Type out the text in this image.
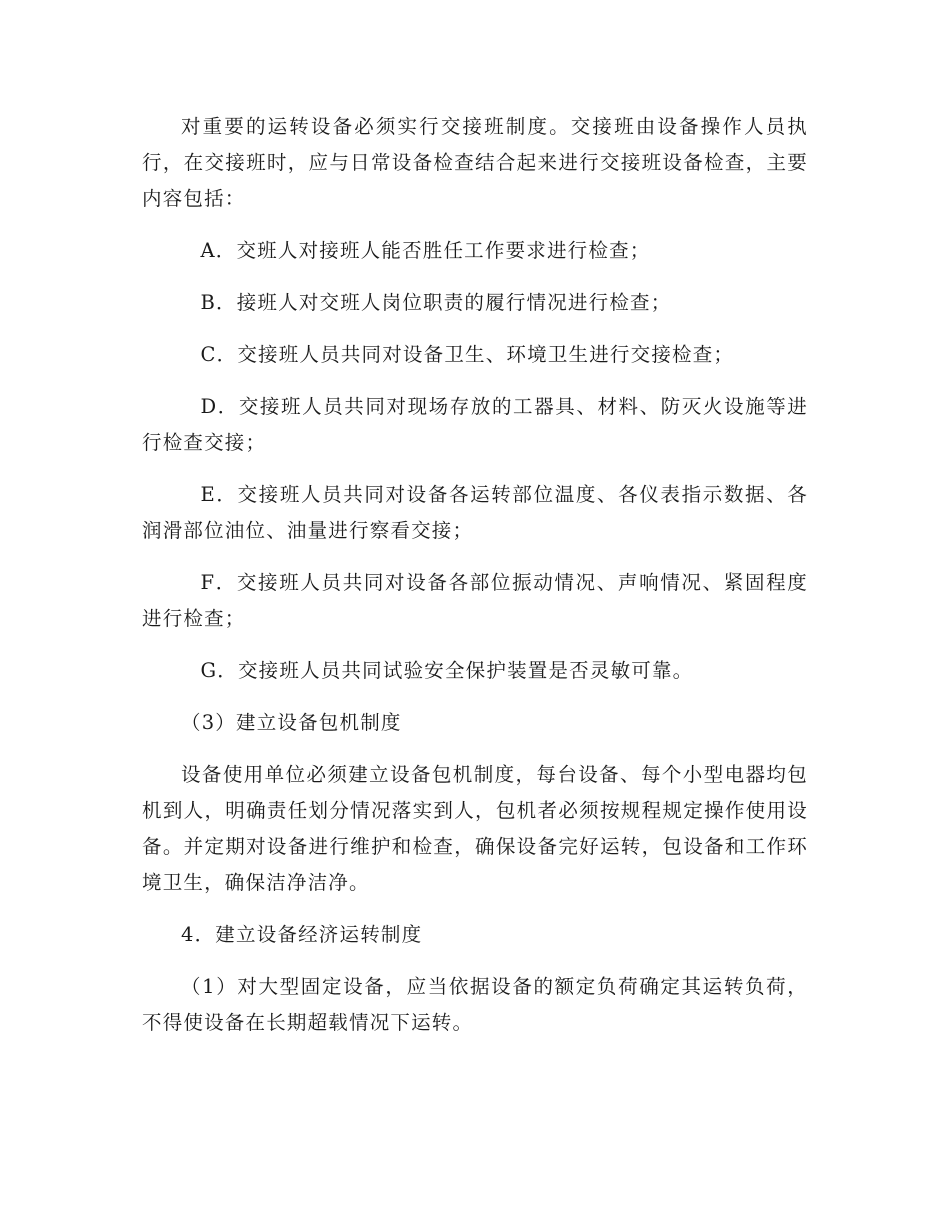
对重要的运转设备必须实行交接班制度。交接班由设备操作人员执行，在交接班时，应与日常设备检查结合起来进行交接班设备检查，主要内容包括：

A．交班人对接班人能否胜任工作要求进行检查；

B．接班人对交班人岗位职责的履行情况进行检查；

C．交接班人员共同对设备卫生、环境卫生进行交接检查；

D．交接班人员共同对现场存放的工器具、材料、防灭火设施等进行检查交接；

E．交接班人员共同对设备各运转部位温度、各仪表指示数据、各润滑部位油位、油量进行察看交接；

F．交接班人员共同对设备各部位振动情况、声响情况、紧固程度进行检查；

G．交接班人员共同试验安全保护装置是否灵敏可靠。

（3）建立设备包机制度

设备使用单位必须建立设备包机制度，每台设备、每个小型电器均包机到人，明确责任划分情况落实到人，包机者必须按规程规定操作使用设备。并定期对设备进行维护和检查，确保设备完好运转，包设备和工作环境卫生，确保洁净洁净。

4．建立设备经济运转制度

（1）对大型固定设备，应当依据设备的额定负荷确定其运转负荷，不得使设备在长期超载情况下运转。
